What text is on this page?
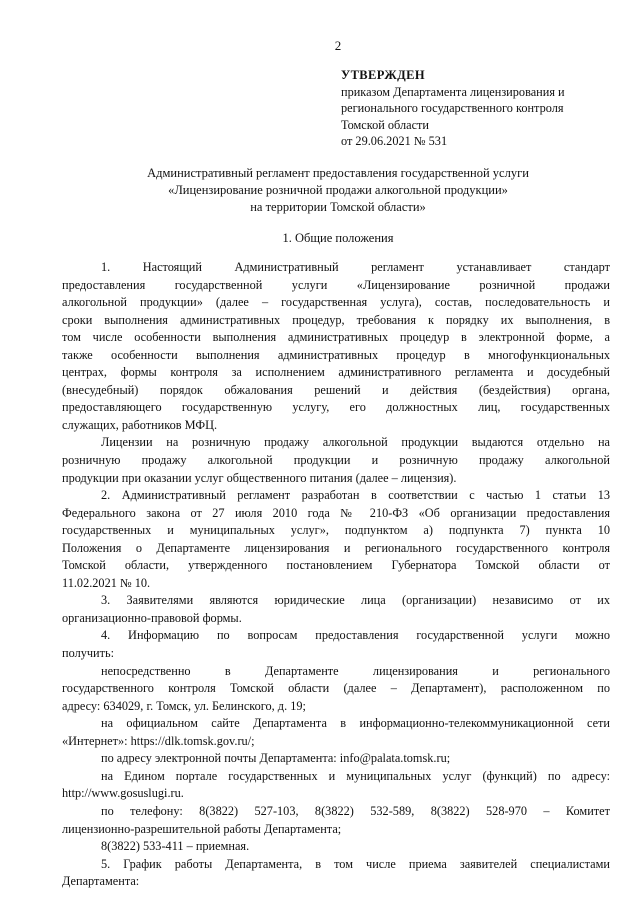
2
УТВЕРЖДЕН
приказом Департамента лицензирования и
регионального государственного контроля
Томской области
от 29.06.2021 № 531
Административный регламент предоставления государственной услуги
«Лицензирование розничной продажи алкогольной продукции»
на территории Томской области»
1. Общие положения
1. Настоящий Административный регламент устанавливает стандарт
предоставления государственной услуги «Лицензирование розничной продажи
алкогольной продукции» (далее – государственная услуга), состав, последовательность и
сроки выполнения административных процедур, требования к порядку их выполнения, в
том числе особенности выполнения административных процедур в электронной форме, а
также особенности выполнения административных процедур в многофункциональных
центрах, формы контроля за исполнением административного регламента и досудебный
(внесудебный) порядок обжалования решений и действия (бездействия) органа,
предоставляющего государственную услугу, его должностных лиц, государственных
служащих, работников МФЦ.
Лицензии на розничную продажу алкогольной продукции выдаются отдельно на
розничную продажу алкогольной продукции и розничную продажу алкогольной
продукции при оказании услуг общественного питания (далее – лицензия).
2. Административный регламент разработан в соответствии с частью 1 статьи 13
Федерального закона от 27 июля 2010 года № 210-ФЗ «Об организации предоставления
государственных и муниципальных услуг», подпунктом а) подпункта 7) пункта 10
Положения о Департаменте лицензирования и регионального государственного контроля
Томской области, утвержденного постановлением Губернатора Томской области от
11.02.2021 № 10.
3. Заявителями являются юридические лица (организации) независимо от их
организационно-правовой формы.
4. Информацию по вопросам предоставления государственной услуги можно
получить:
непосредственно в Департаменте лицензирования и регионального
государственного контроля Томской области (далее – Департамент), расположенном по
адресу: 634029, г. Томск, ул. Белинского, д. 19;
на официальном сайте Департамента в информационно-телекоммуникационной сети
«Интернет»: https://dlk.tomsk.gov.ru/;
по адресу электронной почты Департамента: info@palata.tomsk.ru;
на Едином портале государственных и муниципальных услуг (функций) по адресу:
http://www.gosuslugi.ru.
по телефону: 8(3822) 527-103, 8(3822) 532-589, 8(3822) 528-970 – Комитет
лицензионно-разрешительной работы Департамента;
8(3822) 533-411 – приемная.
5. График работы Департамента, в том числе приема заявителей специалистами
Департамента:
